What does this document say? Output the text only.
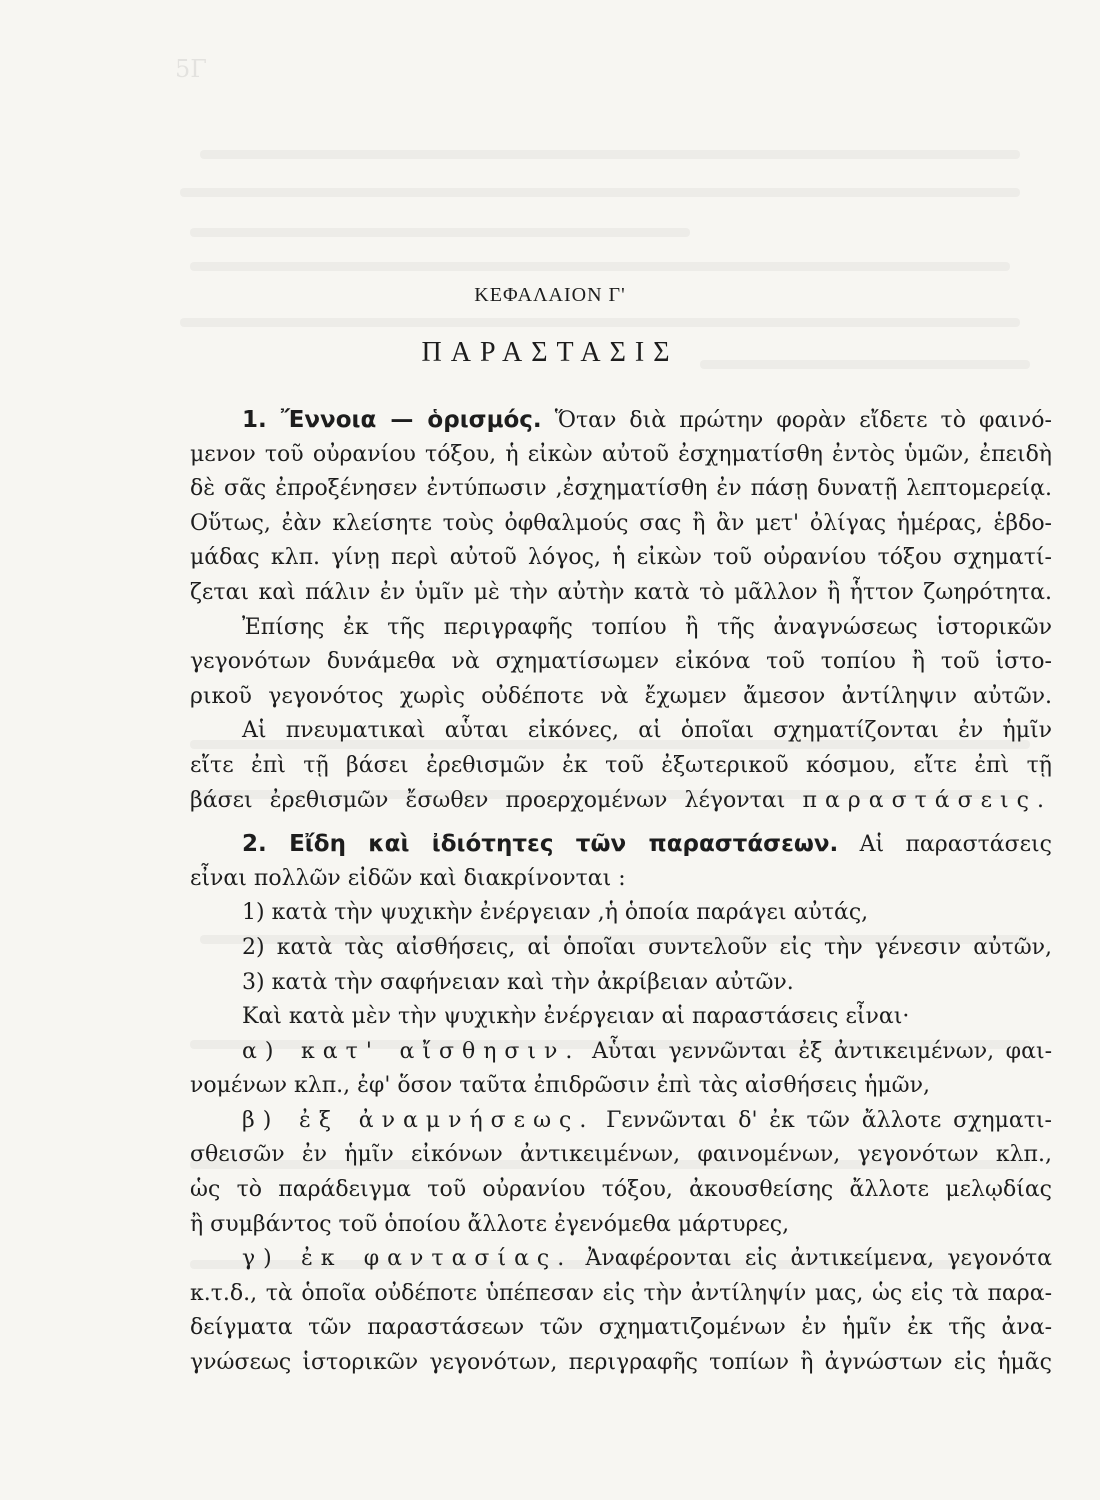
5Γ
ΚΕΦΑΛΑΙΟΝ Γ'
ΠΑΡΑΣΤΑΣΙΣ
1. Ἔννοια — ὁρισμός. Ὅταν διὰ πρώτην φορὰν εἴδετε τὸ φαινό-
μενον τοῦ οὐρανίου τόξου, ἡ εἰκὼν αὐτοῦ ἐσχηματίσθη ἐντὸς ὑμῶν, ἐπειδὴ
δὲ σᾶς ἐπροξένησεν ἐντύπωσιν ,ἐσχηματίσθη ἐν πάσῃ δυνατῇ λεπτομερείᾳ.
Οὕτως, ἐὰν κλείσητε τοὺς ὀφθαλμούς σας ἢ ἂν μετ' ὀλίγας ἡμέρας, ἑβδο-
μάδας κλπ. γίνῃ περὶ αὐτοῦ λόγος, ἡ εἰκὼν τοῦ οὐρανίου τόξου σχηματί-
ζεται καὶ πάλιν ἐν ὑμῖν μὲ τὴν αὐτὴν κατὰ τὸ μᾶλλον ἢ ἧττον ζωηρότητα.
Ἐπίσης ἐκ τῆς περιγραφῆς τοπίου ἢ τῆς ἀναγνώσεως ἱστορικῶν
γεγονότων δυνάμεθα νὰ σχηματίσωμεν εἰκόνα τοῦ τοπίου ἢ τοῦ ἱστο-
ρικοῦ γεγονότος χωρὶς οὐδέποτε νὰ ἔχωμεν ἄμεσον ἀντίληψιν αὐτῶν.
Αἱ πνευματικαὶ αὗται εἰκόνες, αἱ ὁποῖαι σχηματίζονται ἐν ἡμῖν
εἴτε ἐπὶ τῇ βάσει ἐρεθισμῶν ἐκ τοῦ ἐξωτερικοῦ κόσμου, εἴτε ἐπὶ τῇ
βάσει ἐρεθισμῶν ἔσωθεν προερχομένων λέγονται παραστάσεις.
2. Εἴδη καὶ ἰδιότητες τῶν παραστάσεων. Αἱ παραστάσεις
εἶναι πολλῶν εἰδῶν καὶ διακρίνονται :
1) κατὰ τὴν ψυχικὴν ἐνέργειαν ,ἡ ὁποία παράγει αὐτάς,
2) κατὰ τὰς αἰσθήσεις, αἱ ὁποῖαι συντελοῦν εἰς τὴν γένεσιν αὐτῶν,
3) κατὰ τὴν σαφήνειαν καὶ τὴν ἀκρίβειαν αὐτῶν.
Καὶ κατὰ μὲν τὴν ψυχικὴν ἐνέργειαν αἱ παραστάσεις εἶναι·
α) κατ' αἴσθησιν. Αὗται γεννῶνται ἐξ ἀντικειμένων, φαι-
νομένων κλπ., ἐφ' ὅσον ταῦτα ἐπιδρῶσιν ἐπὶ τὰς αἰσθήσεις ἡμῶν,
β) ἐξ ἀναμνήσεως. Γεννῶνται δ' ἐκ τῶν ἄλλοτε σχηματι-
σθεισῶν ἐν ἡμῖν εἰκόνων ἀντικειμένων, φαινομένων, γεγονότων κλπ.,
ὡς τὸ παράδειγμα τοῦ οὐρανίου τόξου, ἀκουσθείσης ἄλλοτε μελῳδίας
ἢ συμβάντος τοῦ ὁποίου ἄλλοτε ἐγενόμεθα μάρτυρες,
γ) ἐκ φαντασίας. Ἀναφέρονται εἰς ἀντικείμενα, γεγονότα
κ.τ.δ., τὰ ὁποῖα οὐδέποτε ὑπέπεσαν εἰς τὴν ἀντίληψίν μας, ὡς εἰς τὰ παρα-
δείγματα τῶν παραστάσεων τῶν σχηματιζομένων ἐν ἡμῖν ἐκ τῆς ἀνα-
γνώσεως ἱστορικῶν γεγονότων, περιγραφῆς τοπίων ἢ ἀγνώστων εἰς ἡμᾶς
